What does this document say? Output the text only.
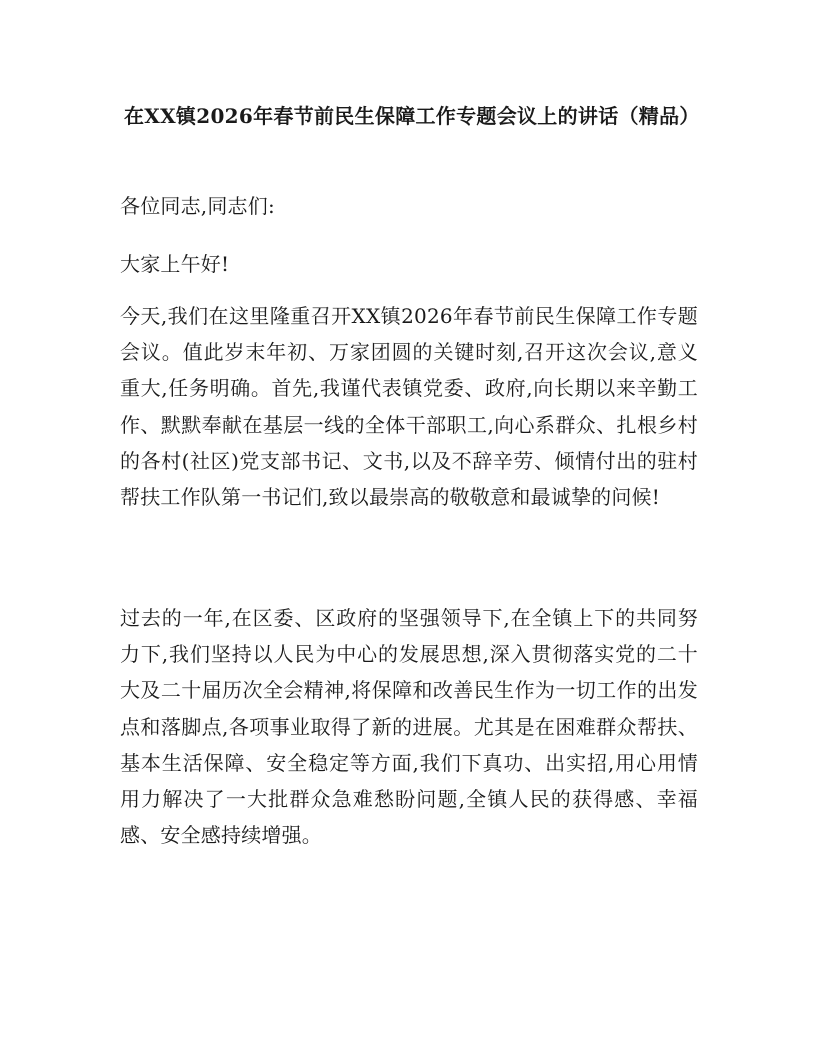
在XX镇2026年春节前民生保障工作专题会议上的讲话（精品）

各位同志,同志们:

大家上午好!

今天,我们在这里隆重召开XX镇2026年春节前民生保障工作专题会议。值此岁末年初、万家团圆的关键时刻,召开这次会议,意义重大,任务明确。首先,我谨代表镇党委、政府,向长期以来辛勤工作、默默奉献在基层一线的全体干部职工,向心系群众、扎根乡村的各村(社区)党支部书记、文书,以及不辞辛劳、倾情付出的驻村帮扶工作队第一书记们,致以最崇高的敬敬意和最诚挚的问候!

过去的一年,在区委、区政府的坚强领导下,在全镇上下的共同努力下,我们坚持以人民为中心的发展思想,深入贯彻落实党的二十大及二十届历次全会精神,将保障和改善民生作为一切工作的出发点和落脚点,各项事业取得了新的进展。尤其是在困难群众帮扶、基本生活保障、安全稳定等方面,我们下真功、出实招,用心用情用力解决了一大批群众急难愁盼问题,全镇人民的获得感、幸福感、安全感持续增强。
